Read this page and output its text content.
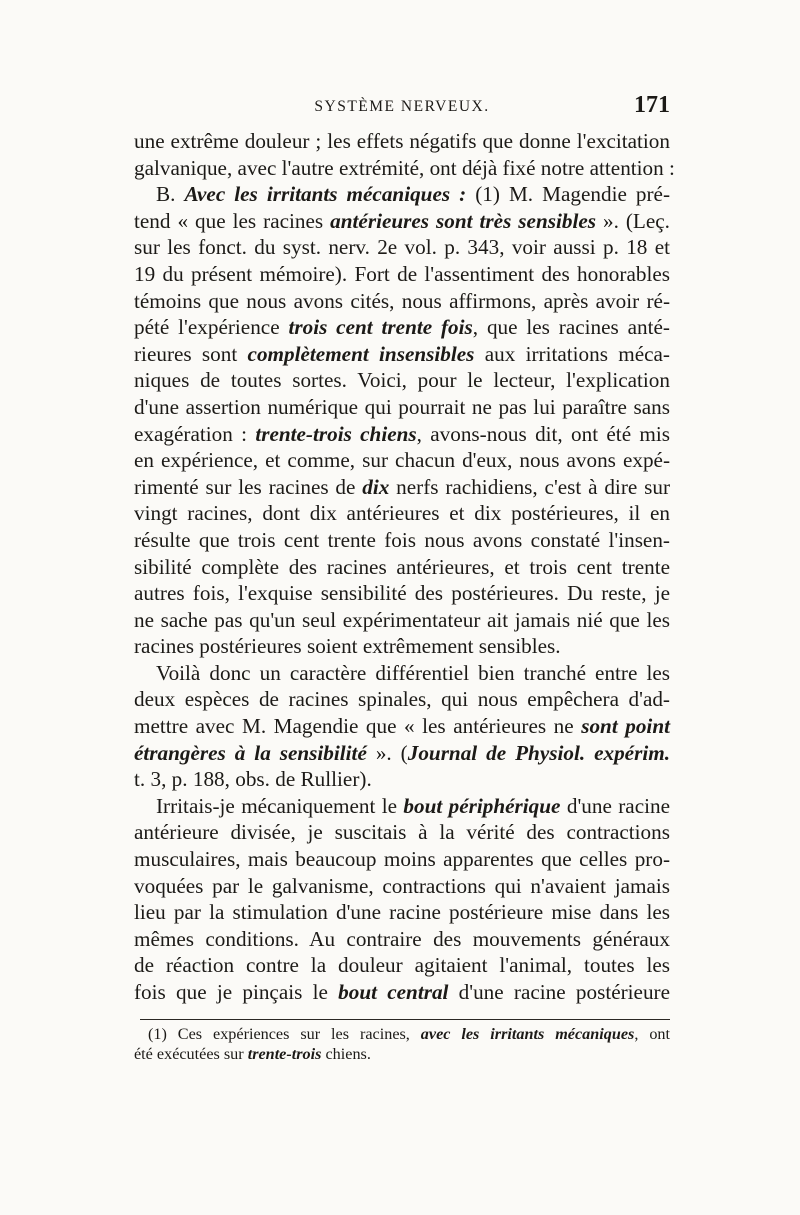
SYSTÈME NERVEUX.	171
une extrême douleur ; les effets négatifs que donne l'excitation
galvanique, avec l'autre extrémité, ont déjà fixé notre attention :
B. Avec les irritants mécaniques : (1) M. Magendie pré-
tend « que les racines antérieures sont très sensibles ». (Leç.
sur les fonct. du syst. nerv. 2e vol. p. 343, voir aussi p. 18 et
19 du présent mémoire). Fort de l'assentiment des honorables
témoins que nous avons cités, nous affirmons, après avoir ré-
pété l'expérience trois cent trente fois, que les racines anté-
rieures sont complètement insensibles aux irritations méca-
niques de toutes sortes. Voici, pour le lecteur, l'explication
d'une assertion numérique qui pourrait ne pas lui paraître sans
exagération : trente-trois chiens, avons-nous dit, ont été mis
en expérience, et comme, sur chacun d'eux, nous avons expé-
rimenté sur les racines de dix nerfs rachidiens, c'est à dire sur
vingt racines, dont dix antérieures et dix postérieures, il en
résulte que trois cent trente fois nous avons constaté l'insen-
sibilité complète des racines antérieures, et trois cent trente
autres fois, l'exquise sensibilité des postérieures. Du reste, je
ne sache pas qu'un seul expérimentateur ait jamais nié que les
racines postérieures soient extrêmement sensibles.
Voilà donc un caractère différentiel bien tranché entre les
deux espèces de racines spinales, qui nous empêchera d'ad-
mettre avec M. Magendie que « les antérieures ne sont point
étrangères à la sensibilité ». (Journal de Physiol. expérim.
t. 3, p. 188, obs. de Rullier).
Irritais-je mécaniquement le bout périphérique d'une racine
antérieure divisée, je suscitais à la vérité des contractions
musculaires, mais beaucoup moins apparentes que celles pro-
voquées par le galvanisme, contractions qui n'avaient jamais
lieu par la stimulation d'une racine postérieure mise dans les
mêmes conditions. Au contraire des mouvements généraux
de réaction contre la douleur agitaient l'animal, toutes les
fois que je pinçais le bout central d'une racine postérieure
(1) Ces expériences sur les racines, avec les irritants mécaniques, ont
été exécutées sur trente-trois chiens.
